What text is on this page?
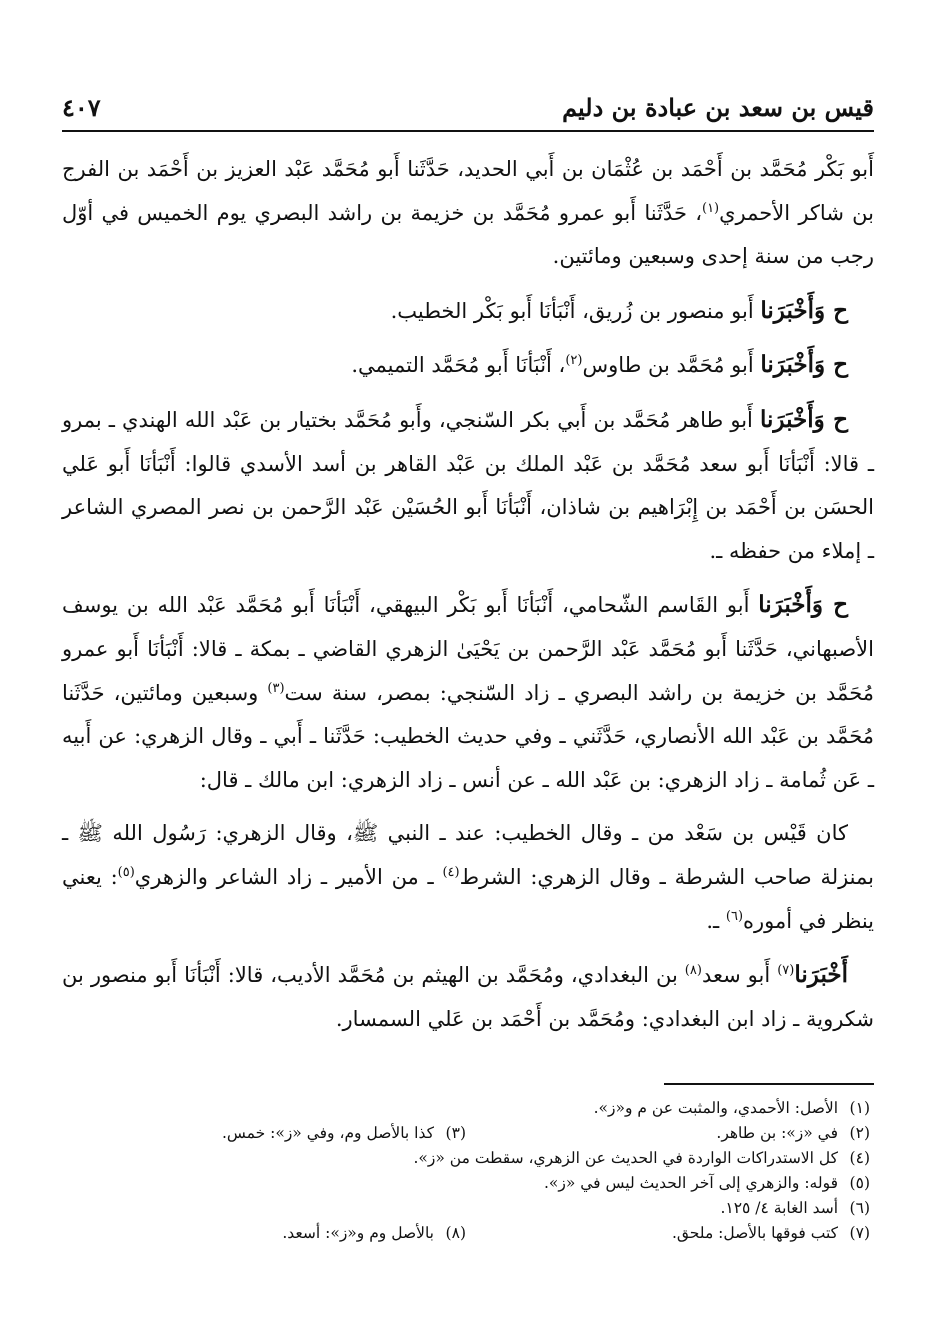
قيس بن سعد بن عبادة بن دليم
٤٠٧

أَبو بَكْر مُحَمَّد بن أَحْمَد بن عُثْمَان بن أَبي الحديد، حَدَّثَنا أَبو مُحَمَّد عَبْد العزيز بن أَحْمَد بن الفرج بن شاكر الأحمري$^{(١)}$، حَدَّثَنا أَبو عمرو مُحَمَّد بن خزيمة بن راشد البصري يوم الخميس في أوّل رجب من سنة إحدى وسبعين ومائتين.

ح وَأَخْبَرَنا أَبو منصور بن زُريق، أَنْبَأنَا أَبو بَكْر الخطيب.

ح وَأَخْبَرَنا أَبو مُحَمَّد بن طاوس$^{(٢)}$، أَنْبَأنَا أَبو مُحَمَّد التميمي.

ح وَأَخْبَرَنا أَبو طاهر مُحَمَّد بن أَبي بكر السّنجي، وأَبو مُحَمَّد بختيار بن عَبْد الله الهندي ـ بمرو ـ قالا: أَنْبَأنَا أَبو سعد مُحَمَّد بن عَبْد الملك بن عَبْد القاهر بن أسد الأسدي قالوا: أَنْبَأنَا أَبو عَلي الحسَن بن أَحْمَد بن إِبْرَاهيم بن شاذان، أَنْبَأنَا أَبو الحُسَيْن عَبْد الرَّحمن بن نصر المصري الشاعر ـ إملاء من حفظه ـ.

ح وَأَخْبَرَنا أَبو القَاسم الشّحامي، أَنْبَأنَا أَبو بَكْر البيهقي، أَنْبَأنَا أَبو مُحَمَّد عَبْد الله بن يوسف الأصبهاني، حَدَّثَنا أَبو مُحَمَّد عَبْد الرَّحمن بن يَحْيَىٰ الزهري القاضي ـ بمكة ـ قالا: أَنْبَأنَا أَبو عمرو مُحَمَّد بن خزيمة بن راشد البصري ـ زاد السّنجي: بمصر، سنة ست$^{(٣)}$ وسبعين ومائتين، حَدَّثَنا مُحَمَّد بن عَبْد الله الأنصاري، حَدَّثَني ـ وفي حديث الخطيب: حَدَّثَنا ـ أَبي ـ وقال الزهري: عن أَبيه ـ عَن ثُمامة ـ زاد الزهري: بن عَبْد الله ـ عن أنس ـ زاد الزهري: ابن مالك ـ قال:

كان قَيْس بن سَعْد من ـ وقال الخطيب: عند ـ النبي ﷺ، وقال الزهري: رَسُول الله ﷺ ـ بمنزلة صاحب الشرطة ـ وقال الزهري: الشرط$^{(٤)}$ ـ من الأمير ـ زاد الشاعر والزهري$^{(٥)}$: يعني ينظر في أموره$^{(٦)}$ ـ.

أَخْبَرَنا$^{(٧)}$ أَبو سعد$^{(٨)}$ بن البغدادي، ومُحَمَّد بن الهيثم بن مُحَمَّد الأديب، قالا: أَنْبَأنَا أَبو منصور بن شكروية ـ زاد ابن البغدادي: ومُحَمَّد بن أَحْمَد بن عَلي السمسار.

(١)
الأصل: الأحمدي، والمثبت عن م و«ز».
(٢)
في «ز»: بن طاهر.
(٣)
كذا بالأصل وم، وفي «ز»: خمس.
(٤)
كل الاستدراكات الواردة في الحديث عن الزهري، سقطت من «ز».
(٥)
قوله: والزهري إلى آخر الحديث ليس في «ز».
(٦)
أسد الغابة ٤/ ١٢٥.
(٧)
كتب فوقها بالأصل: ملحق.
(٨)
بالأصل وم و«ز»: أسعد.
